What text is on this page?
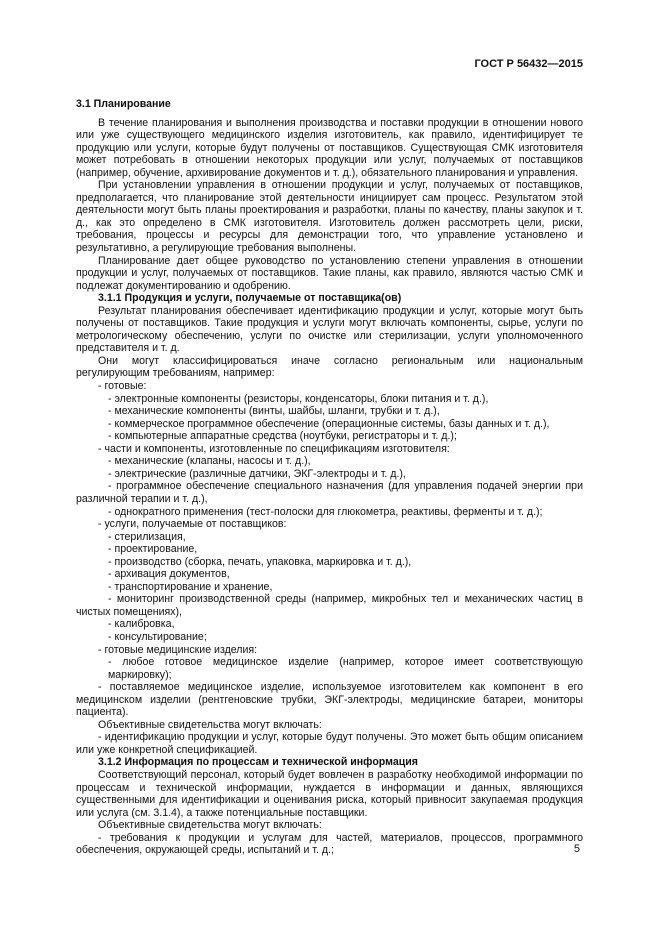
ГОСТ Р 56432—2015

3.1 Планирование

В течение планирования и выполнения производства и поставки продукции в отношении нового или уже существующего медицинского изделия изготовитель, как правило, идентифицирует те продукцию или услуги, которые будут получены от поставщиков. Существующая СМК изготовителя может потребовать в отношении некоторых продукции или услуг, получаемых от поставщиков (например, обучение, архивирование документов и т. д.), обязательного планирования и управления.

При установлении управления в отношении продукции и услуг, получаемых от поставщиков, предполагается, что планирование этой деятельности инициирует сам процесс. Результатом этой деятельности могут быть планы проектирования и разработки, планы по качеству, планы закупок и т. д., как это определено в СМК изготовителя. Изготовитель должен рассмотреть цели, риски, требования, процессы и ресурсы для демонстрации того, что управление установлено и результативно, а регулирующие требования выполнены.

Планирование дает общее руководство по установлению степени управления в отношении продукции и услуг, получаемых от поставщиков. Такие планы, как правило, являются частью СМК и подлежат документированию и одобрению.

3.1.1 Продукция и услуги, получаемые от поставщика(ов)

Результат планирования обеспечивает идентификацию продукции и услуг, которые могут быть получены от поставщиков. Такие продукция и услуги могут включать компоненты, сырье, услуги по метрологическому обеспечению, услуги по очистке или стерилизации, услуги уполномоченного представителя и т. д.

Они могут классифицироваться иначе согласно региональным или национальным регулирующим требованиям, например:

- готовые:

- электронные компоненты (резисторы, конденсаторы, блоки питания и т. д.),

- механические компоненты (винты, шайбы, шланги, трубки и т. д.),

- коммерческое программное обеспечение (операционные системы, базы данных и т. д.),

- компьютерные аппаратные средства (ноутбуки, регистраторы и т. д.);

- части и компоненты, изготовленные по спецификациям изготовителя:

- механические (клапаны, насосы и т. д.),

- электрические (различные датчики, ЭКГ-электроды и т. д.),

- программное обеспечение специального назначения (для управления подачей энергии при различной терапии и т. д.),

- однократного применения (тест-полоски для глюкометра, реактивы, ферменты и т. д.);

- услуги, получаемые от поставщиков:

- стерилизация,

- проектирование,

- производство (сборка, печать, упаковка, маркировка и т. д.),

- архивация документов,

- транспортирование и хранение,

- мониторинг производственной среды (например, микробных тел и механических частиц в чистых помещениях),

- калибровка,

- консультирование;

- готовые медицинские изделия:

- любое готовое медицинское изделие (например, которое имеет соответствующую маркировку);

- поставляемое медицинское изделие, используемое изготовителем как компонент в его медицинском изделии (рентгеновские трубки, ЭКГ-электроды, медицинские батареи, мониторы пациента).

Объективные свидетельства могут включать:

- идентификацию продукции и услуг, которые будут получены. Это может быть общим описанием или уже конкретной спецификацией.

3.1.2 Информация по процессам и технической информация

Соответствующий персонал, который будет вовлечен в разработку необходимой информации по процессам и технической информации, нуждается в информации и данных, являющихся существенными для идентификации и оценивания риска, который привносит закупаемая продукция или услуга (см. 3.1.4), а также потенциальные поставщики.

Объективные свидетельства могут включать:

- требования к продукции и услугам для частей, материалов, процессов, программного обеспечения, окружающей среды, испытаний и т. д.;	5
